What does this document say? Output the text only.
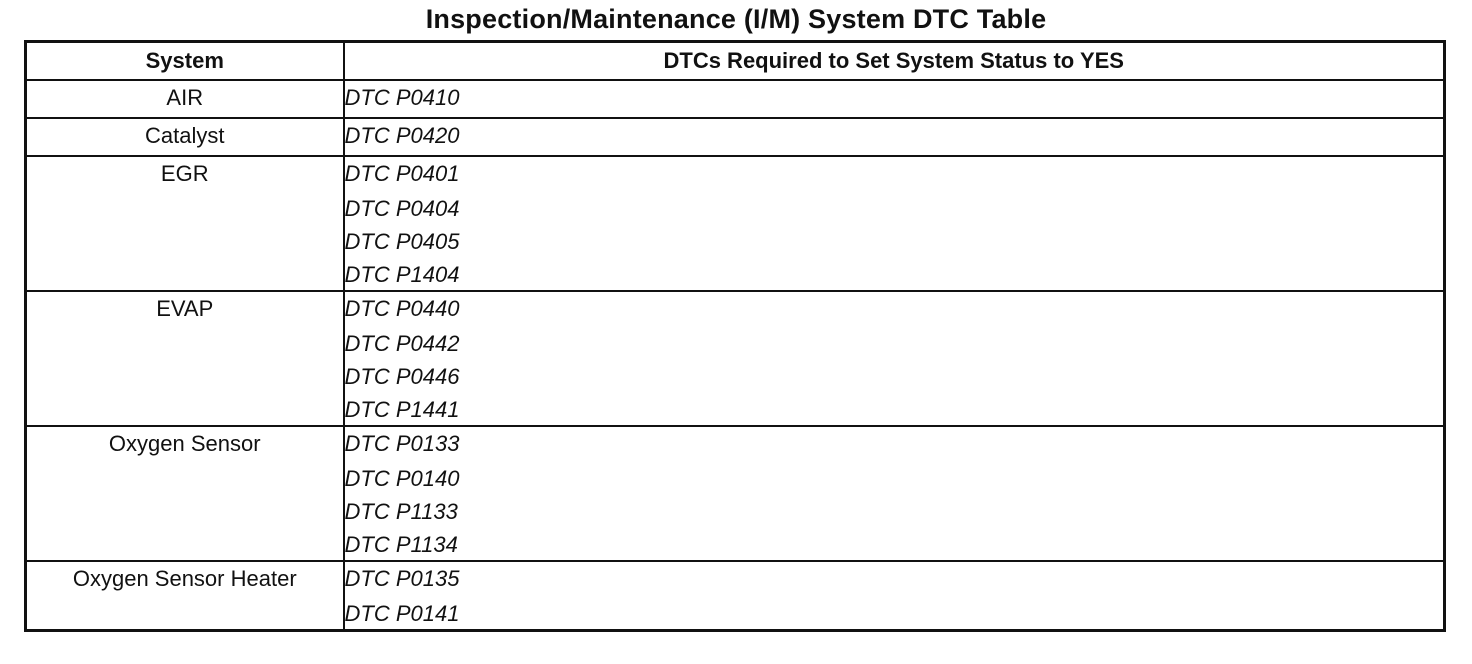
Inspection/Maintenance (I/M) System DTC Table
System	DTCs Required to Set System Status to YES
AIR	DTC P0410

Catalyst	DTC P0420

EGR	DTC P0401
DTC P0404
DTC P0405
DTC P1404

EVAP	DTC P0440
DTC P0442
DTC P0446
DTC P1441

Oxygen Sensor	DTC P0133
DTC P0140
DTC P1133
DTC P1134

Oxygen Sensor Heater	DTC P0135
DTC P0141
